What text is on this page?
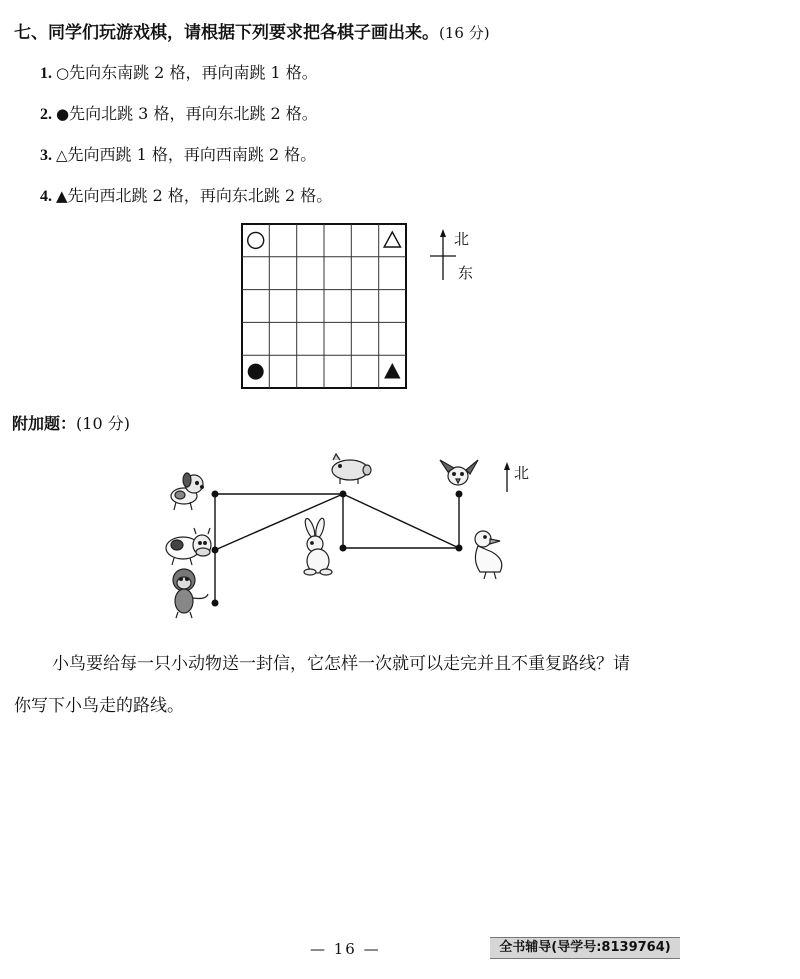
七、同学们玩游戏棋，请根据下列要求把各棋子画出来。(16 分)
1. ○先向东南跳 2 格，再向南跳 1 格。
2. ●先向北跳 3 格，再向东北跳 2 格。
3. △先向西跳 1 格，再向西南跳 2 格。
4. ▲先向西北跳 2 格，再向东北跳 2 格。
北
东
附加题：(10 分)
北

小鸟要给每一只小动物送一封信，它怎样一次就可以走完并且不重复路线？请

你写下小鸟走的路线。
— 16 —	全书辅导(导学号:8139764)
